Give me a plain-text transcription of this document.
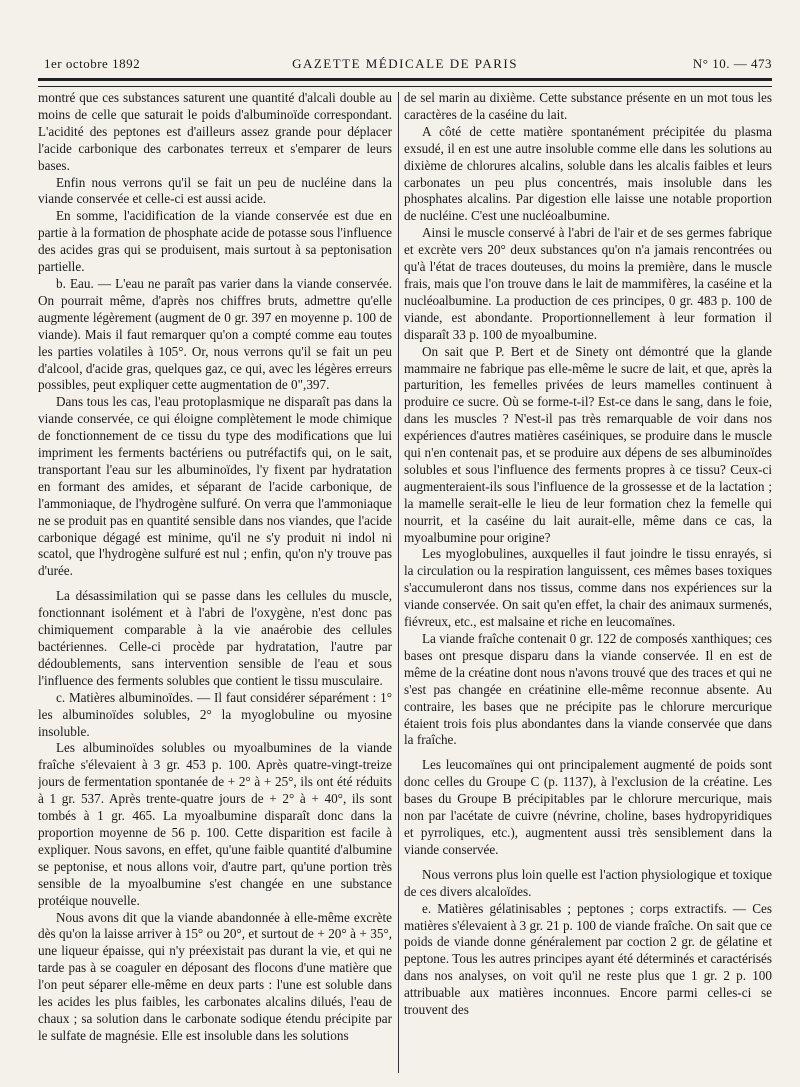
1er octobre 1892	GAZETTE MÉDICALE DE PARIS	N° 10. — 473

montré que ces substances saturent une quantité d'alcali double au moins de celle que saturait le poids d'albuminoïde correspondant. L'acidité des peptones est d'ailleurs assez grande pour déplacer l'acide carbonique des carbonates terreux et s'emparer de leurs bases.

Enfin nous verrons qu'il se fait un peu de nucléine dans la viande conservée et celle-ci est aussi acide.

En somme, l'acidification de la viande conservée est due en partie à la formation de phosphate acide de potasse sous l'influence des acides gras qui se produisent, mais surtout à sa peptonisation partielle.

b. Eau. — L'eau ne paraît pas varier dans la viande conservée. On pourrait même, d'après nos chiffres bruts, admettre qu'elle augmente légèrement (augment de 0 gr. 397 en moyenne p. 100 de viande). Mais il faut remarquer qu'on a compté comme eau toutes les parties volatiles à 105°. Or, nous verrons qu'il se fait un peu d'alcool, d'acide gras, quelques gaz, ce qui, avec les légères erreurs possibles, peut expliquer cette augmentation de 0",397.

Dans tous les cas, l'eau protoplasmique ne disparaît pas dans la viande conservée, ce qui éloigne complètement le mode chimique de fonctionnement de ce tissu du type des modifications que lui impriment les ferments bactériens ou putréfactifs qui, on le sait, transportant l'eau sur les albuminoïdes, l'y fixent par hydratation en formant des amides, et séparant de l'acide carbonique, de l'ammoniaque, de l'hydrogène sulfuré. On verra que l'ammoniaque ne se produit pas en quantité sensible dans nos viandes, que l'acide carbonique dégagé est minime, qu'il ne s'y produit ni indol ni scatol, que l'hydrogène sulfuré est nul ; enfin, qu'on n'y trouve pas d'urée.

La désassimilation qui se passe dans les cellules du muscle, fonctionnant isolément et à l'abri de l'oxygène, n'est donc pas chimiquement comparable à la vie anaérobie des cellules bactériennes. Celle-ci procède par hydratation, l'autre par dédoublements, sans intervention sensible de l'eau et sous l'influence des ferments solubles que contient le tissu musculaire.

c. Matières albuminoïdes. — Il faut considérer séparément : 1° les albuminoïdes solubles, 2° la myoglobuline ou myosine insoluble.

Les albuminoïdes solubles ou myoalbumines de la viande fraîche s'élevaient à 3 gr. 453 p. 100. Après quatre-vingt-treize jours de fermentation spontanée de + 2° à + 25°, ils ont été réduits à 1 gr. 537. Après trente-quatre jours de + 2° à + 40°, ils sont tombés à 1 gr. 465. La myoalbumine disparaît donc dans la proportion moyenne de 56 p. 100. Cette disparition est facile à expliquer. Nous savons, en effet, qu'une faible quantité d'albumine se peptonise, et nous allons voir, d'autre part, qu'une portion très sensible de la myoalbumine s'est changée en une substance protéique nouvelle.

Nous avons dit que la viande abandonnée à elle-même excrète dès qu'on la laisse arriver à 15° ou 20°, et surtout de + 20° à + 35°, une liqueur épaisse, qui n'y préexistait pas durant la vie, et qui ne tarde pas à se coaguler en déposant des flocons d'une matière que l'on peut séparer elle-même en deux parts : l'une est soluble dans les acides les plus faibles, les carbonates alcalins dilués, l'eau de chaux ; sa solution dans le carbonate sodique étendu précipite par le sulfate de magnésie. Elle est insoluble dans les solutions

de sel marin au dixième. Cette substance présente en un mot tous les caractères de la caséine du lait.

A côté de cette matière spontanément précipitée du plasma exsudé, il en est une autre insoluble comme elle dans les solutions au dixième de chlorures alcalins, soluble dans les alcalis faibles et leurs carbonates un peu plus concentrés, mais insoluble dans les phosphates alcalins. Par digestion elle laisse une notable proportion de nucléine. C'est une nucléoalbumine.

Ainsi le muscle conservé à l'abri de l'air et de ses germes fabrique et excrète vers 20° deux substances qu'on n'a jamais rencontrées ou qu'à l'état de traces douteuses, du moins la première, dans le muscle frais, mais que l'on trouve dans le lait de mammifères, la caséine et la nucléoalbumine. La production de ces principes, 0 gr. 483 p. 100 de viande, est abondante. Proportionnellement à leur formation il disparaît 33 p. 100 de myoalbumine.

On sait que P. Bert et de Sinety ont démontré que la glande mammaire ne fabrique pas elle-même le sucre de lait, et que, après la parturition, les femelles privées de leurs mamelles continuent à produire ce sucre. Où se forme-t-il? Est-ce dans le sang, dans le foie, dans les muscles ? N'est-il pas très remarquable de voir dans nos expériences d'autres matières caséiniques, se produire dans le muscle qui n'en contenait pas, et se produire aux dépens de ses albuminoïdes solubles et sous l'influence des ferments propres à ce tissu? Ceux-ci augmenteraient-ils sous l'influence de la grossesse et de la lactation ; la mamelle serait-elle le lieu de leur formation chez la femelle qui nourrit, et la caséine du lait aurait-elle, même dans ce cas, la myoalbumine pour origine?

Les myoglobulines, auxquelles il faut joindre le tissu enrayés, si la circulation ou la respiration languissent, ces mêmes bases toxiques s'accumuleront dans nos tissus, comme dans nos expériences sur la viande conservée. On sait qu'en effet, la chair des animaux surmenés, fiévreux, etc., est malsaine et riche en leucomaïnes.

La viande fraîche contenait 0 gr. 122 de composés xanthiques; ces bases ont presque disparu dans la viande conservée. Il en est de même de la créatine dont nous n'avons trouvé que des traces et qui ne s'est pas changée en créatinine elle-même reconnue absente. Au contraire, les bases que ne précipite pas le chlorure mercurique étaient trois fois plus abondantes dans la viande conservée que dans la fraîche.

Les leucomaïnes qui ont principalement augmenté de poids sont donc celles du Groupe C (p. 1137), à l'exclusion de la créatine. Les bases du Groupe B précipitables par le chlorure mercurique, mais non par l'acétate de cuivre (névrine, choline, bases hydropyridiques et pyrroliques, etc.), augmentent aussi très sensiblement dans la viande conservée.

Nous verrons plus loin quelle est l'action physiologique et toxique de ces divers alcaloïdes.

e. Matières gélatinisables ; peptones ; corps extractifs. — Ces matières s'élevaient à 3 gr. 21 p. 100 de viande fraîche. On sait que ce poids de viande donne généralement par coction 2 gr. de gélatine et peptone. Tous les autres principes ayant été déterminés et caractérisés dans nos analyses, on voit qu'il ne reste plus que 1 gr. 2 p. 100 attribuable aux matières inconnues. Encore parmi celles-ci se trouvent des
